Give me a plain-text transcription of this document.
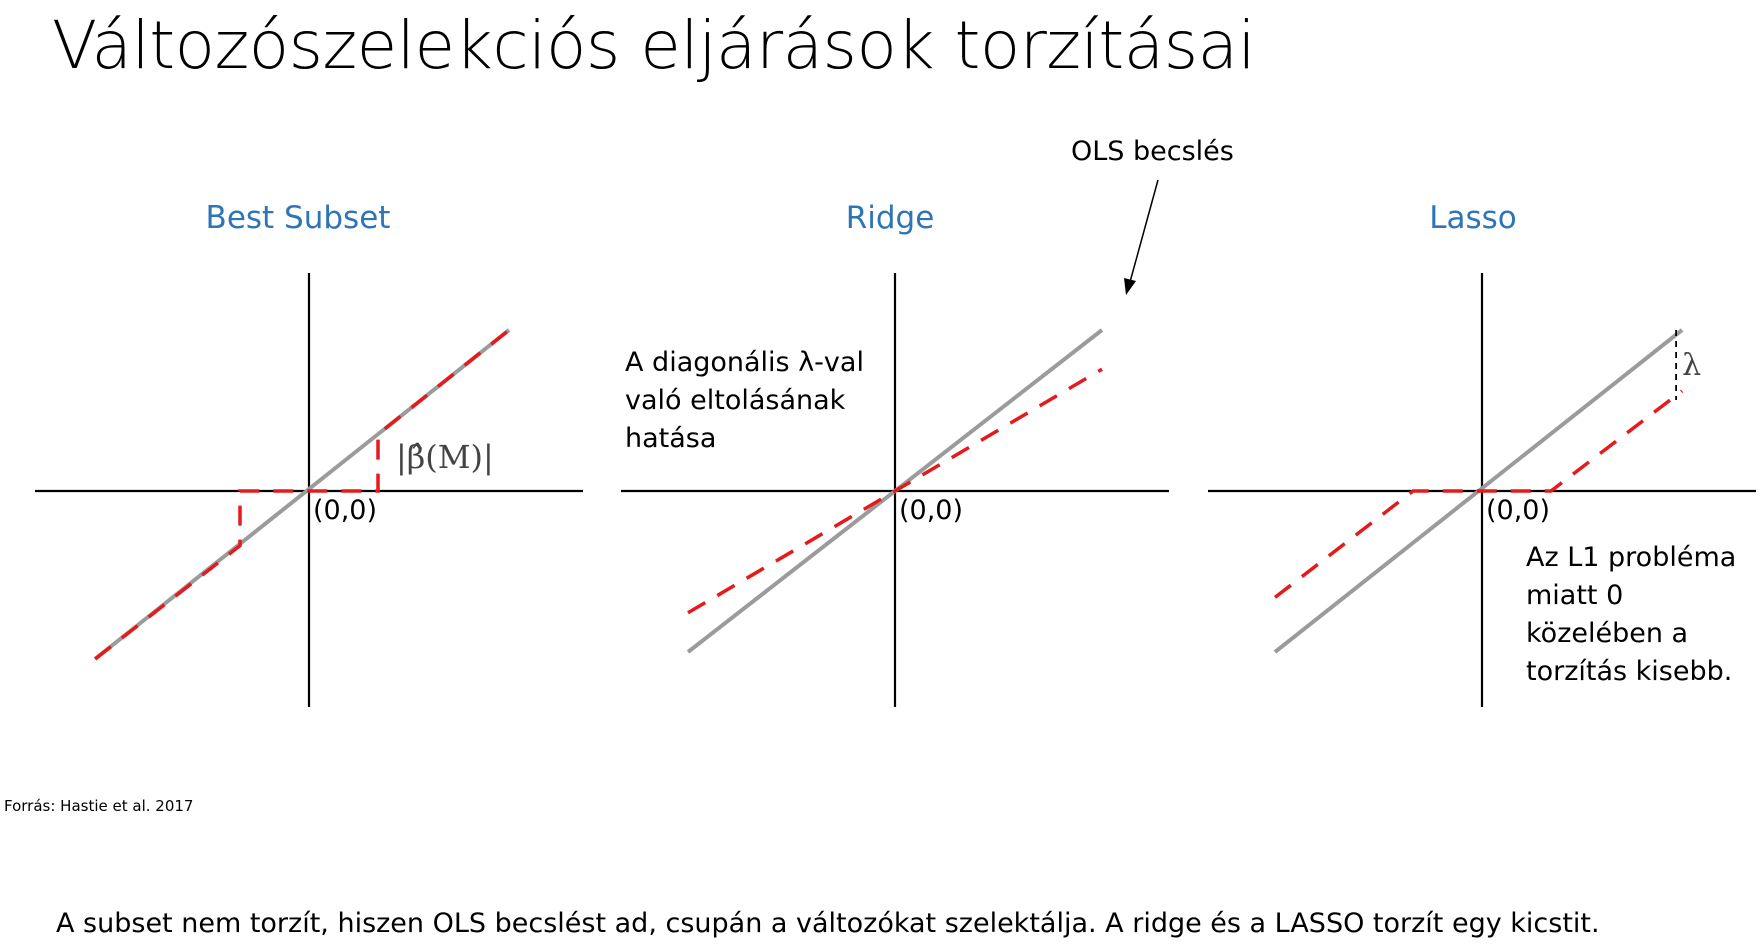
Változószelekciós eljárások torzításai
Best Subset
(0,0)
|β̂(M)|
Ridge
(0,0)
Lasso
(0,0)
λ
OLS becslés
A diagonális λ-val
való eltolásának
hatása
Az L1 probléma
miatt 0
közelében a
torzítás kisebb.
Forrás: Hastie et al. 2017
A subset nem torzít, hiszen OLS becslést ad, csupán a változókat szelektálja. A ridge és a LASSO torzít egy kicstit.
